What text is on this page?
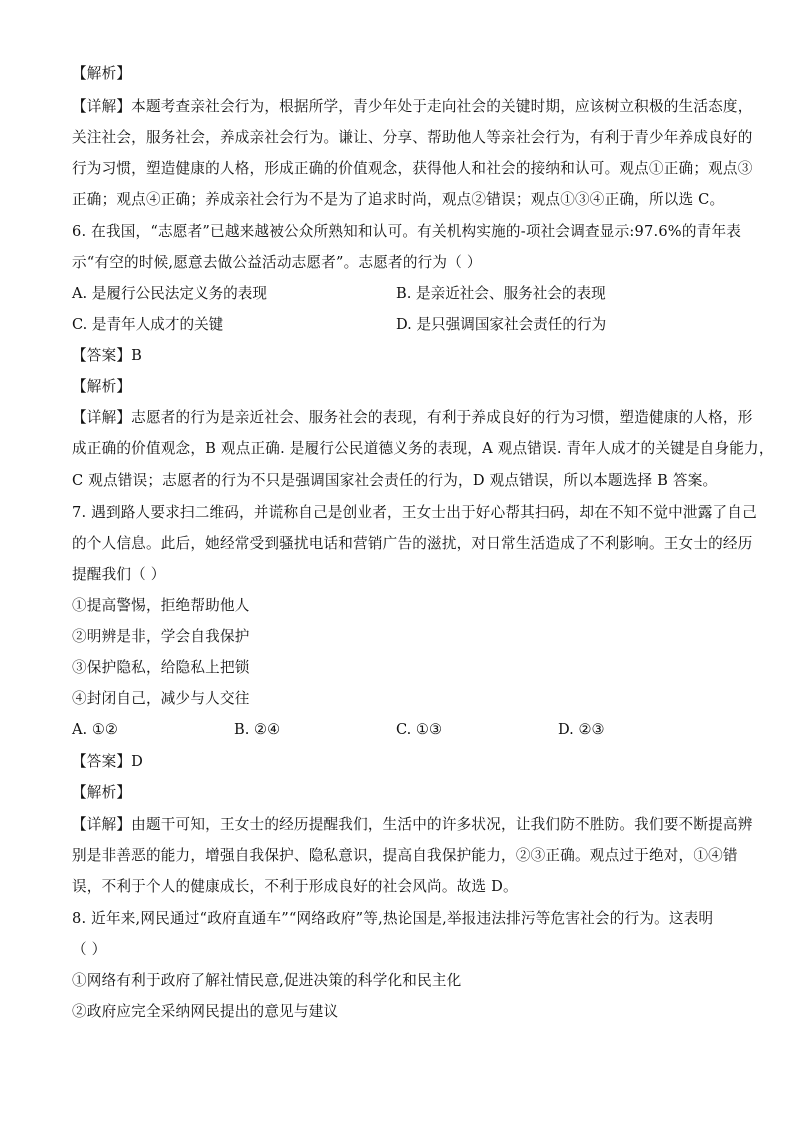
【解析】
【详解】本题考查亲社会行为，根据所学，青少年处于走向社会的关键时期，应该树立积极的生活态度，
关注社会，服务社会，养成亲社会行为。谦让、分享、帮助他人等亲社会行为，有利于青少年养成良好的
行为习惯，塑造健康的人格，形成正确的价值观念，获得他人和社会的接纳和认可。观点①正确；观点③
正确；观点④正确；养成亲社会行为不是为了追求时尚，观点②错误；观点①③④正确，所以选 C。
6. 在我国，“志愿者”已越来越被公众所熟知和认可。有关机构实施的-项社会调查显示:97.6%的青年表
示“有空的时候,愿意去做公益活动志愿者”。志愿者的行为（ ）
A. 是履行公民法定义务的表现	B. 是亲近社会、服务社会的表现
C. 是青年人成才的关键	D. 是只强调国家社会责任的行为
【答案】B
【解析】
【详解】志愿者的行为是亲近社会、服务社会的表现，有利于养成良好的行为习惯，塑造健康的人格，形
成正确的价值观念，B 观点正确. 是履行公民道德义务的表现，A 观点错误. 青年人成才的关键是自身能力，
C 观点错误；志愿者的行为不只是强调国家社会责任的行为，D 观点错误，所以本题选择 B 答案。
7. 遇到路人要求扫二维码，并谎称自己是创业者，王女士出于好心帮其扫码，却在不知不觉中泄露了自己
的个人信息。此后，她经常受到骚扰电话和营销广告的滋扰，对日常生活造成了不利影响。王女士的经历
提醒我们（ ）
①提高警惕，拒绝帮助他人
②明辨是非，学会自我保护
③保护隐私，给隐私上把锁
④封闭自己，减少与人交往
A. ①②	B. ②④	C. ①③	D. ②③
【答案】D
【解析】
【详解】由题干可知，王女士的经历提醒我们，生活中的许多状况，让我们防不胜防。我们要不断提高辨
别是非善恶的能力，增强自我保护、隐私意识，提高自我保护能力，②③正确。观点过于绝对，①④错
误，不利于个人的健康成长，不利于形成良好的社会风尚。故选 D。
8. 近年来,网民通过“政府直通车”“网络政府”等,热论国是,举报违法排污等危害社会的行为。这表明
（ ）
①网络有利于政府了解社情民意,促进决策的科学化和民主化
②政府应完全采纳网民提出的意见与建议
